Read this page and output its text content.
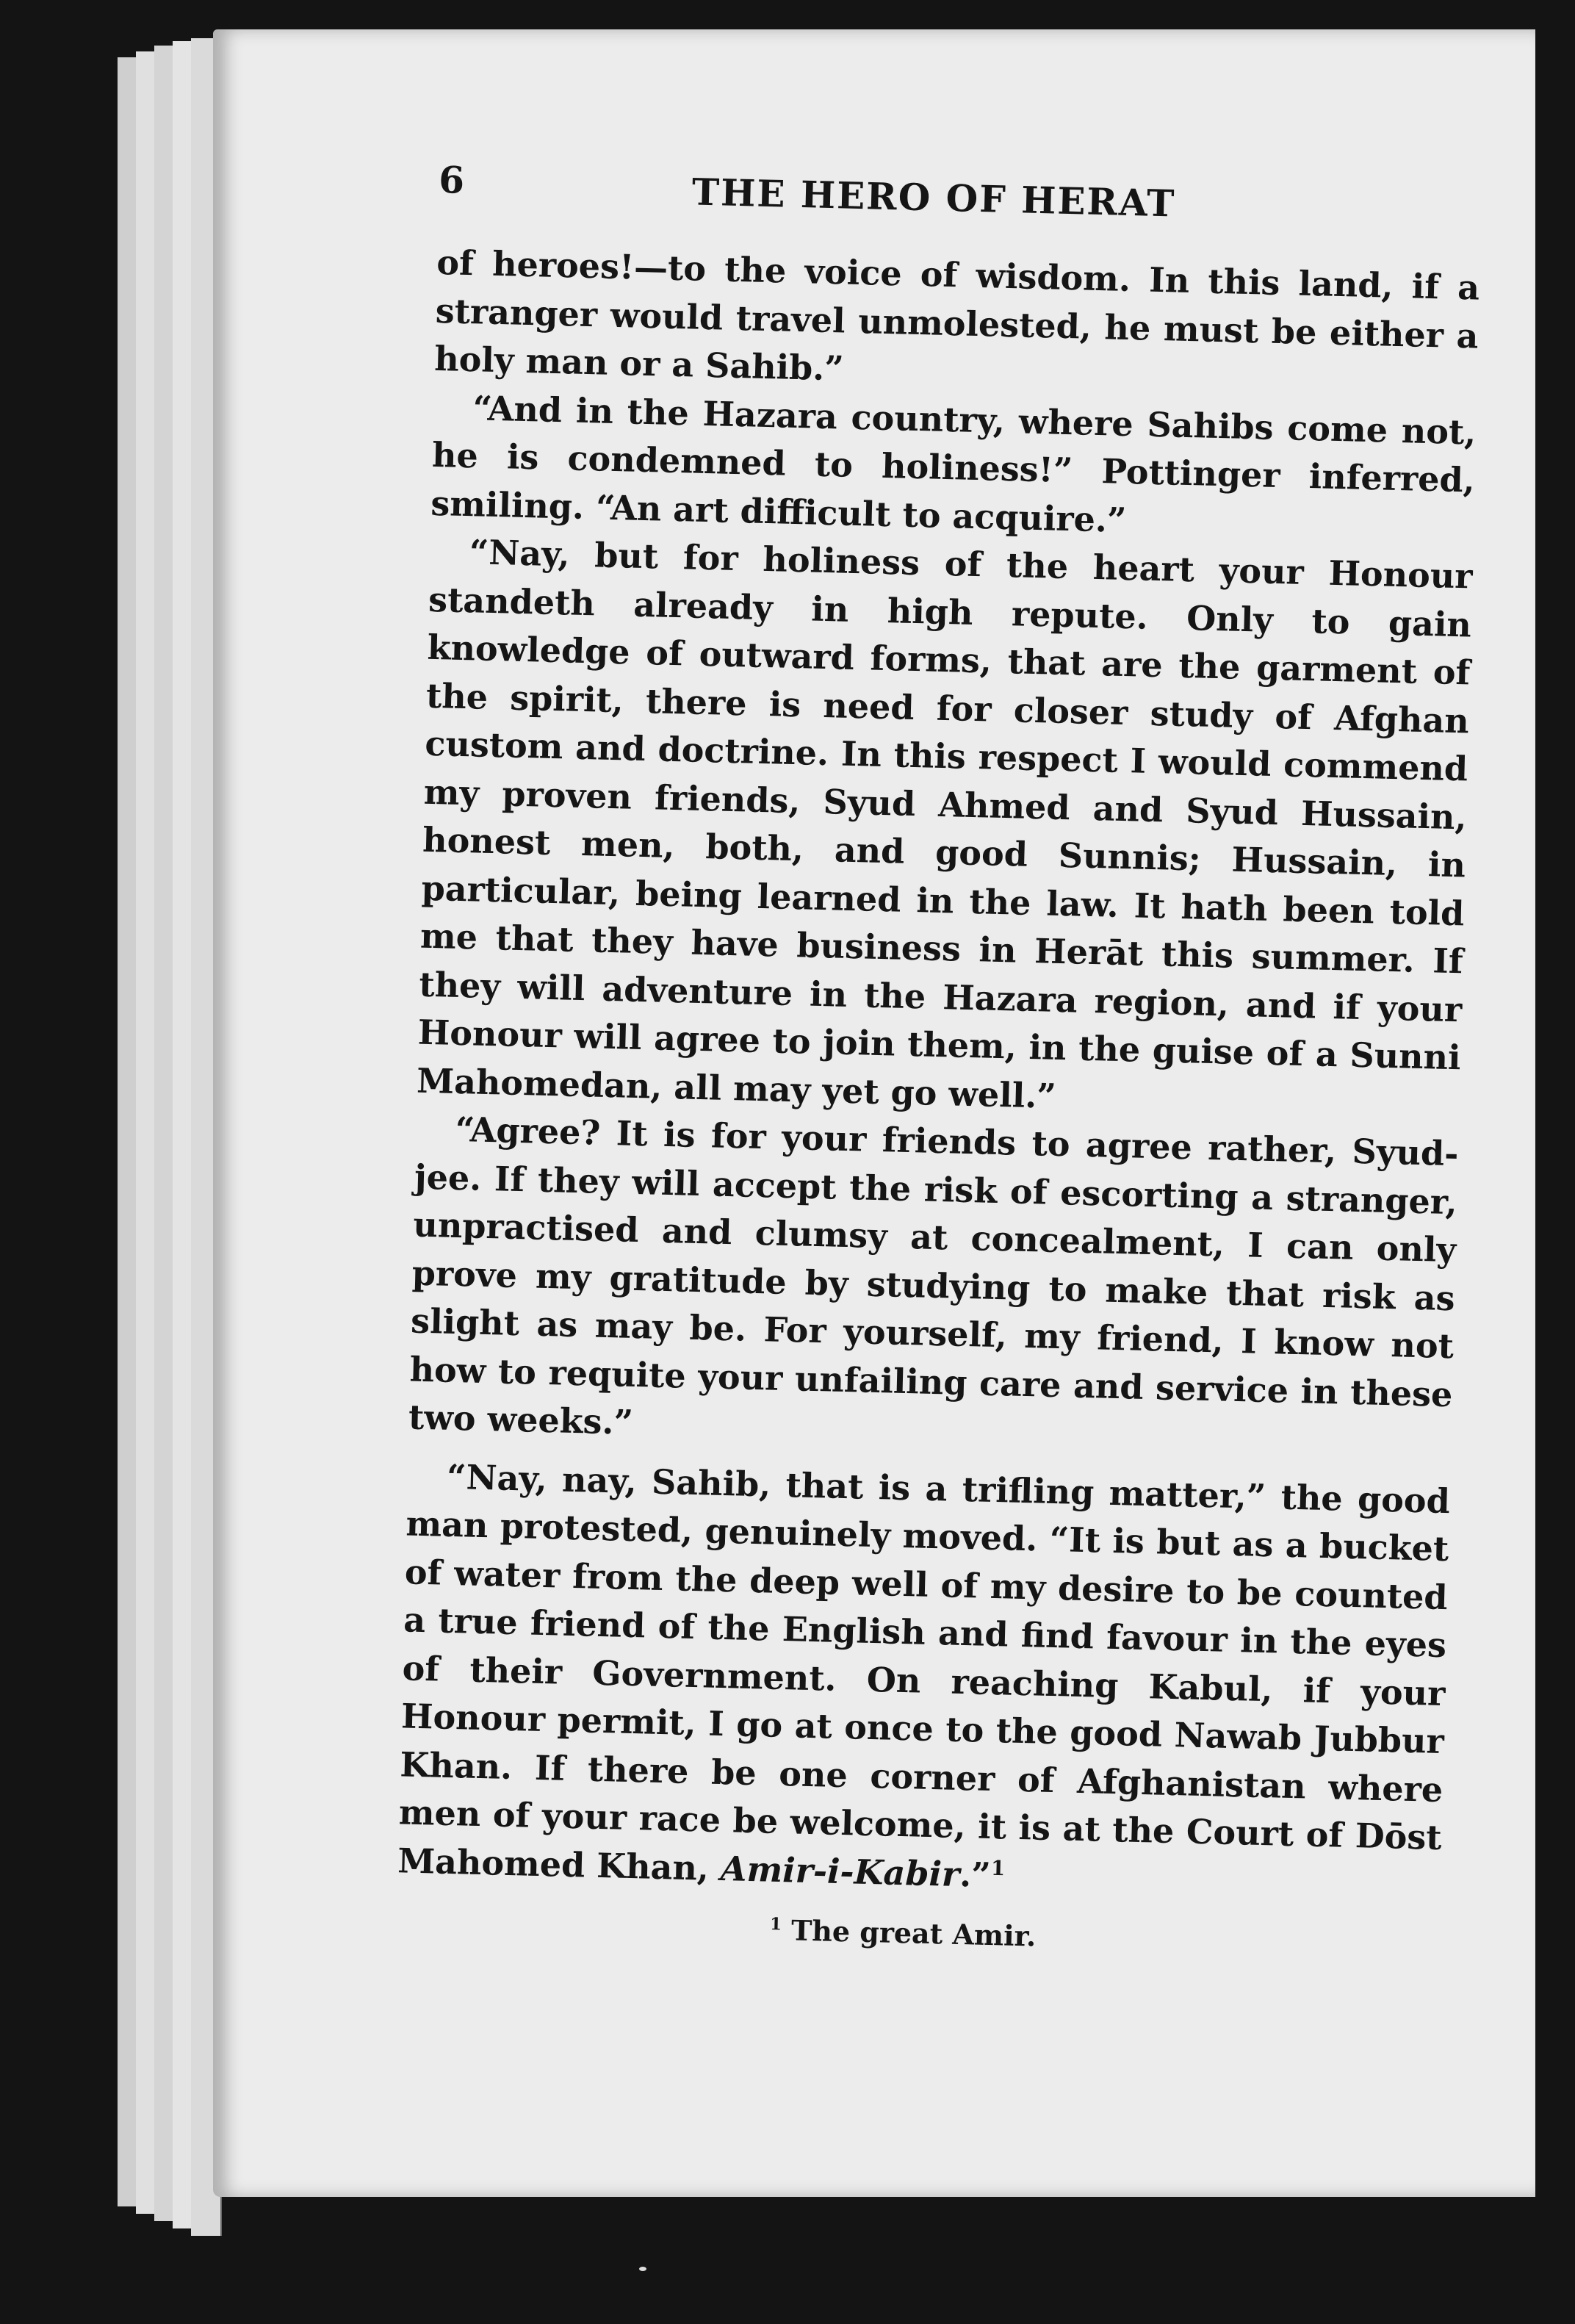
6	THE HERO OF HERAT

of heroes!—to the voice of wisdom. In this land, if a stranger would travel unmolested, he must be either a holy man or a Sahib.”

“And in the Hazara country, where Sahibs come not, he is condemned to holiness!” Pottinger inferred, smiling. “An art difficult to acquire.”

“Nay, but for holiness of the heart your Honour standeth already in high repute. Only to gain knowledge of outward forms, that are the garment of the spirit, there is need for closer study of Afghan custom and doctrine. In this respect I would commend my proven friends, Syud Ahmed and Syud Hussain, honest men, both, and good Sunnis; Hussain, in particular, being learned in the law. It hath been told me that they have business in Herāt this summer. If they will adventure in the Hazara region, and if your Honour will agree to join them, in the guise of a Sunni Mahomedan, all may yet go well.”

“Agree? It is for your friends to agree rather, Syud-jee. If they will accept the risk of escorting a stranger, unpractised and clumsy at concealment, I can only prove my gratitude by studying to make that risk as slight as may be. For yourself, my friend, I know not how to requite your unfailing care and service in these two weeks.”

“Nay, nay, Sahib, that is a trifling matter,” the good man protested, genuinely moved. “It is but as a bucket of water from the deep well of my desire to be counted a true friend of the English and find favour in the eyes of their Government. On reaching Kabul, if your Honour permit, I go at once to the good Nawab Jubbur Khan. If there be one corner of Afghanistan where men of your race be welcome, it is at the Court of Dōst Mahomed Khan, Amir-i-Kabir.”$^1$

$^1$ The great Amir.
